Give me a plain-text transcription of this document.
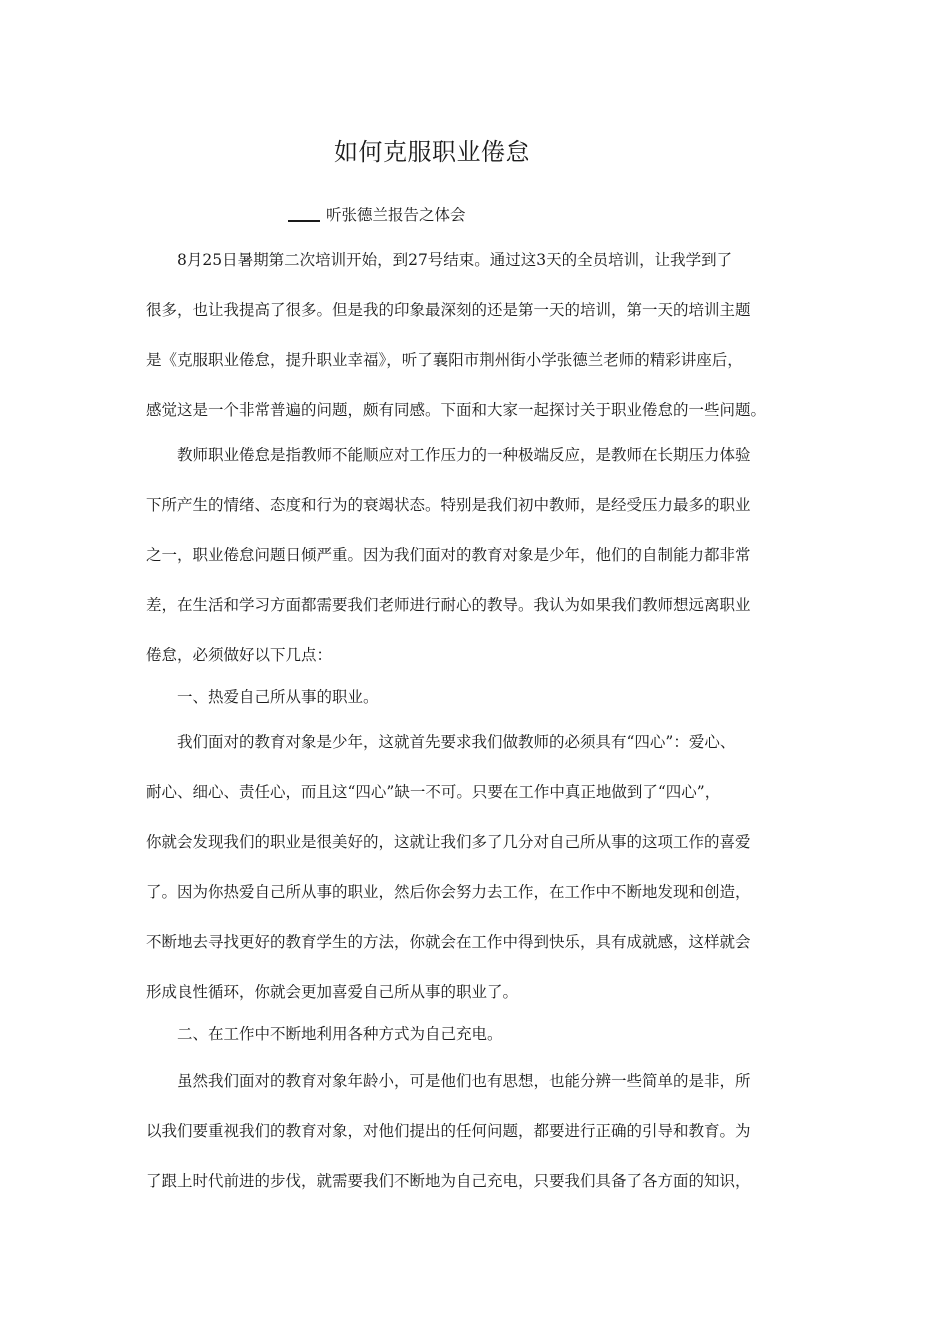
如何克服职业倦怠
听张德兰报告之体会
8月25日暑期第二次培训开始，到27号结束。通过这3天的全员培训，让我学到了
很多，也让我提高了很多。但是我的印象最深刻的还是第一天的培训，第一天的培训主题
是《克服职业倦怠，提升职业幸福》，听了襄阳市荆州街小学张德兰老师的精彩讲座后，
感觉这是一个非常普遍的问题，颇有同感。下面和大家一起探讨关于职业倦怠的一些问题。
教师职业倦怠是指教师不能顺应对工作压力的一种极端反应，是教师在长期压力体验
下所产生的情绪、态度和行为的衰竭状态。特别是我们初中教师，是经受压力最多的职业
之一，职业倦怠问题日倾严重。因为我们面对的教育对象是少年，他们的自制能力都非常
差，在生活和学习方面都需要我们老师进行耐心的教导。我认为如果我们教师想远离职业
倦怠，必须做好以下几点：
一、热爱自己所从事的职业。
我们面对的教育对象是少年，这就首先要求我们做教师的必须具有“四心”：爱心、
耐心、细心、责任心，而且这“四心”缺一不可。只要在工作中真正地做到了“四心”，
你就会发现我们的职业是很美好的，这就让我们多了几分对自己所从事的这项工作的喜爱
了。因为你热爱自己所从事的职业，然后你会努力去工作，在工作中不断地发现和创造，
不断地去寻找更好的教育学生的方法，你就会在工作中得到快乐，具有成就感，这样就会
形成良性循环，你就会更加喜爱自己所从事的职业了。
二、在工作中不断地利用各种方式为自己充电。
虽然我们面对的教育对象年龄小，可是他们也有思想，也能分辨一些简单的是非，所
以我们要重视我们的教育对象，对他们提出的任何问题，都要进行正确的引导和教育。为
了跟上时代前进的步伐，就需要我们不断地为自己充电，只要我们具备了各方面的知识，
